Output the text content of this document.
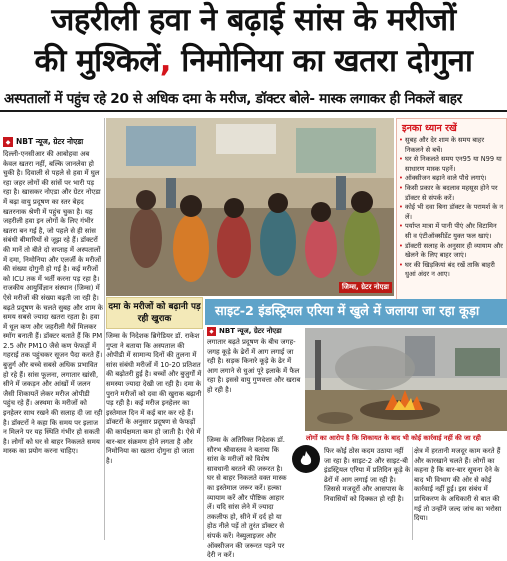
जहरीली हवा ने बढ़ाई सांस के मरीजों
की मुश्किलें, निमोनिया का खतरा दोगुना
अस्पतालों में पहुंच रहे 20 से अधिक दमा के मरीज, डॉक्टर बोले- मास्क लगाकर ही निकलें बाहर
◆ NBT न्यूज, ग्रेटर नोएडा

दिल्ली-एनसीआर की आबोहवा अब केवल खतरा नहीं, बल्कि जानलेवा हो चुकी है। दिवाली से पहले से हवा में घुल रहा जहर लोगों की सांसें पर भारी पड़ रहा है। खासकर नोएडा और ग्रेटर नोएडा में बढ़ा वायु प्रदूषण का स्तर बेहद खतरनाक श्रेणी में पहुंच चुका है। यह जहरीली हवा इन लोगों के लिए गंभीर खतरा बन गई है, जो पहले से ही सांस संबंधी बीमारियों से जूझ रहे हैं। डॉक्टरों की मानें तो बीते दो सप्ताह में अस्पतालों में दमा, निमोनिया और एलर्जी के मरीजों की संख्या दोगुनी हो गई है। कई मरीजों को ICU तक में भर्ती करना पड़ रहा है। राजकीय आयुर्विज्ञान संस्थान (जिम्स) में ऐसे मरीजों की संख्या बढ़ती जा रही है। बढ़ते प्रदूषण के चलते सुबह और शाम के समय सबसे ज्यादा खतरा रहता है। हवा में धूल कण और जहरीली गैसें मिलकर स्मॉग बनाती हैं। डॉक्टर बताते हैं कि PM 2.5 और PM10 जैसे कण फेफड़ों में गहराई तक पहुंचकर सूजन पैदा करते हैं। बुजुर्ग और बच्चे सबसे अधिक प्रभावित हो रहे हैं। सांस फूलना, लगातार खांसी, सीने में जकड़न और आंखों में जलन जैसी शिकायतें लेकर मरीज ओपीडी पहुंच रहे हैं। अस्थमा के मरीजों को इनहेलर साथ रखने की सलाह दी जा रही है। डॉक्टरों ने कहा कि समय पर इलाज न मिलने पर यह स्थिति गंभीर हो सकती है। लोगों को घर से बाहर निकलते समय मास्क का प्रयोग करना चाहिए।

जिम्स, ग्रेटर नोएडा
इनका ध्यान रखें
• सुबह और देर शाम के समय बाहर निकलने से बचें।
• घर से निकलते समय एन95 या N99 या साधारण मास्क पहनें।
• ऑक्सीजन बढ़ाने वाले पौधे लगाएं।
• किसी प्रकार के बदलाव महसूस होने पर डॉक्टर से संपर्क करें।
• कोई भी दवा बिना डॉक्टर के परामर्श के न लें।
• पर्याप्त मात्रा में पानी पीएं और विटामिन सी व एंटीऑक्सीडेंट युक्त फल खाएं।
• डॉक्टरी सलाह के अनुसार ही व्यायाम और खेलने के लिए बाहर जाएं।
• घर की खिड़कियां बंद रखें ताकि बाहरी धुआं अंदर न आए।
दमा के मरीजों को बढ़ानी पड़ रही खुराक
जिम्स के निदेशक ब्रिगेडियर डॉ. राकेश गुप्ता ने बताया कि अस्पताल की ओपीडी में सामान्य दिनों की तुलना में सांस संबंधी मरीजों में 10-20 प्रतिशत की बढ़ोतरी हुई है। बच्चों और बुजुर्गों में समस्या ज्यादा देखी जा रही है। दमा के पुराने मरीजों को दवा की खुराक बढ़ानी पड़ रही है। कई मरीज इनहेलर का इस्तेमाल दिन में कई बार कर रहे हैं। डॉक्टरों के अनुसार प्रदूषण से फेफड़ों की कार्यक्षमता कम हो जाती है। ऐसे में बार-बार संक्रमण होने लगता है और निमोनिया का खतरा दोगुना हो जाता है।
साइट-2 इंडस्ट्रियल एरिया में खुले में जलाया जा रहा कूड़ा
◆ NBT न्यूज, ग्रेटर नोएडा
लगातार बढ़ते प्रदूषण के बीच जगह-जगह कूड़े के ढेरों में आग लगाई जा रही है। सड़क किनारे कूड़े के ढेर में आग लगाने से धुआं पूरे इलाके में फैल रहा है। इससे वायु गुणवत्ता और खराब हो रही है।
लोगों का आरोप है कि शिकायत के बाद भी कोई कार्रवाई नहीं की जा रही
जिम्स के अतिरिक्त निदेशक डॉ. सौरभ श्रीवास्तव ने बताया कि सांस के मरीजों को विशेष सावधानी बरतने की जरूरत है। घर से बाहर निकलते वक्त मास्क का इस्तेमाल जरूर करें। हल्का व्यायाम करें और पौष्टिक आहार लें। यदि सांस लेने में ज्यादा तकलीफ हो, सीने में दर्द हो या होठ नीले पड़ें तो तुरंत डॉक्टर से संपर्क करें। नेब्युलाइजर और ऑक्सीजन की जरूरत पड़ने पर देरी न करें।
फिर कोई ठोस कदम उठाया नहीं जा रहा है। साइट-2 और साइट-बी इंडस्ट्रियल एरिया में प्रतिदिन कूड़े के ढेरों में आग लगाई जा रही है। जिससे मजदूरों और आसपास के निवासियों को दिक्कत हो रही है।
क्षेत्र में हरतानी मजदूर काम करते हैं और कारखाने चलते हैं। लोगों का कहना है कि बार-बार सूचना देने के बाद भी विभाग की ओर से कोई कार्रवाई नहीं हुई। इस संबंध में प्राधिकरण के अधिकारी से बात की गई तो उन्होंने जल्द जांच का भरोसा दिया।
